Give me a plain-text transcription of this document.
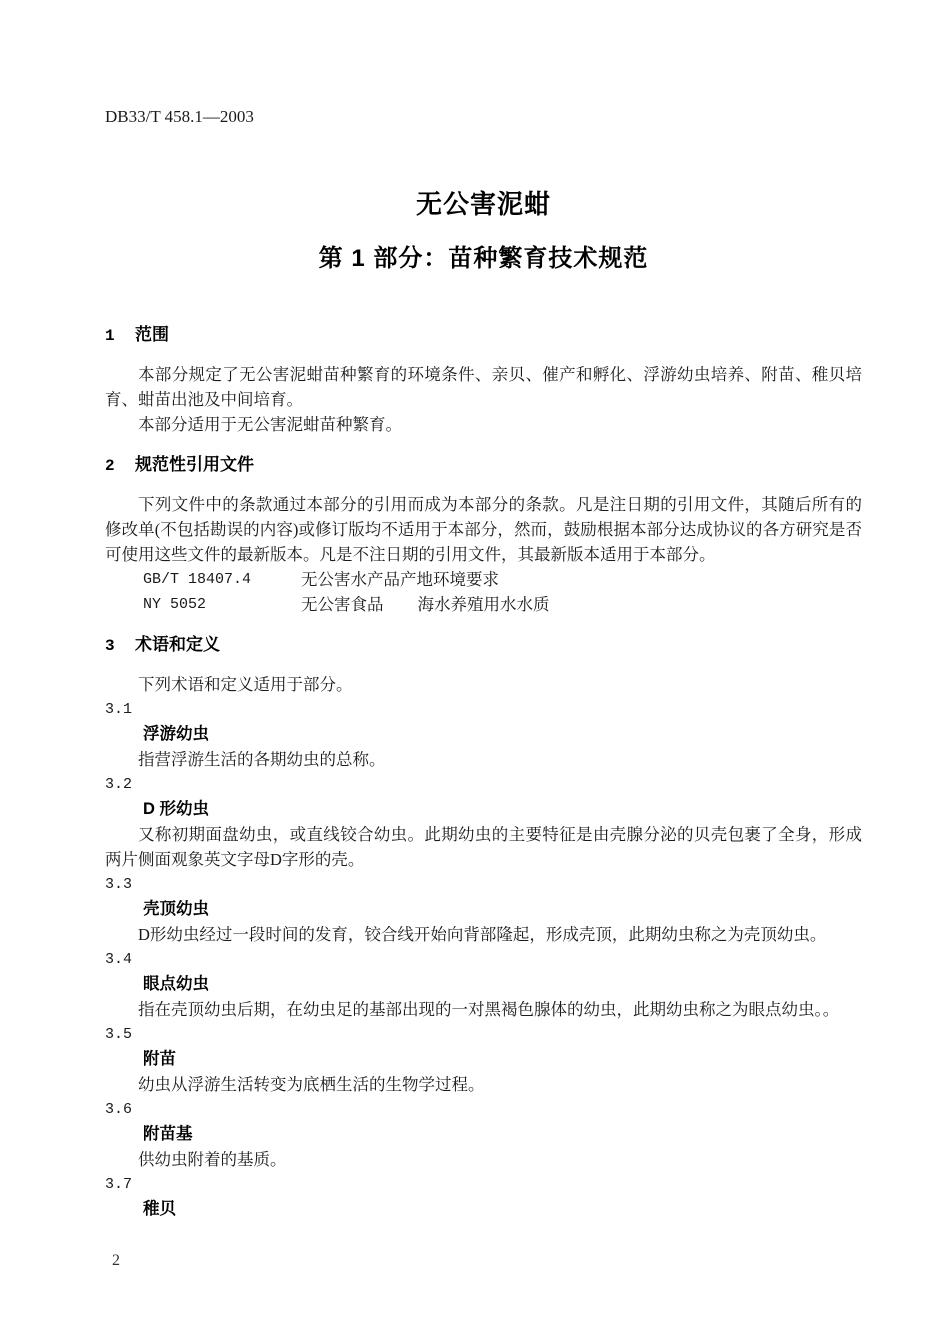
DB33/T 458.1—2003
无公害泥蚶
第 1 部分：苗种繁育技术规范
1 范围

本部分规定了无公害泥蚶苗种繁育的环境条件、亲贝、催产和孵化、浮游幼虫培养、附苗、稚贝培育、蚶苗出池及中间培育。

本部分适用于无公害泥蚶苗种繁育。

2 规范性引用文件

下列文件中的条款通过本部分的引用而成为本部分的条款。凡是注日期的引用文件，其随后所有的修改单(不包括勘误的内容)或修订版均不适用于本部分，然而，鼓励根据本部分达成协议的各方研究是否可使用这些文件的最新版本。凡是不注日期的引用文件，其最新版本适用于本部分。

GB/T 18407.4	无公害水产品产地环境要求
NY 5052	无公害食品 海水养殖用水水质
3 术语和定义

下列术语和定义适用于部分。

3.1
浮游幼虫

指营浮游生活的各期幼虫的总称。

3.2
D 形幼虫

又称初期面盘幼虫，或直线铰合幼虫。此期幼虫的主要特征是由壳腺分泌的贝壳包裹了全身，形成两片侧面观象英文字母D字形的壳。

3.3
壳顶幼虫

D形幼虫经过一段时间的发育，铰合线开始向背部隆起，形成壳顶，此期幼虫称之为壳顶幼虫。

3.4
眼点幼虫

指在壳顶幼虫后期，在幼虫足的基部出现的一对黑褐色腺体的幼虫，此期幼虫称之为眼点幼虫。。

3.5
附苗

幼虫从浮游生活转变为底栖生活的生物学过程。

3.6
附苗基

供幼虫附着的基质。

3.7
稚贝
2
